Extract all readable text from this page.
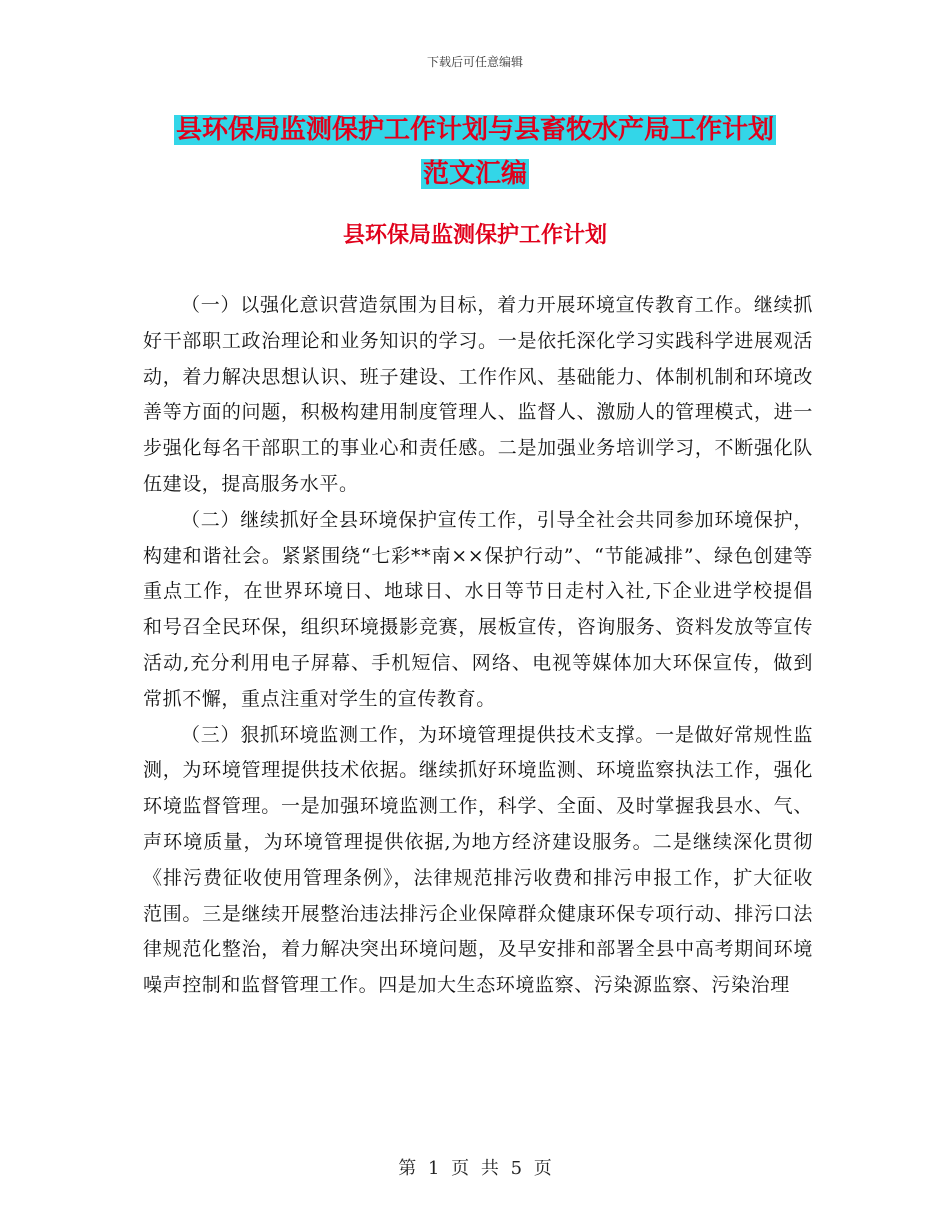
下载后可任意编辑
县环保局监测保护工作计划与县畜牧水产局工作计划
范文汇编
县环保局监测保护工作计划

（一）以强化意识营造氛围为目标，着力开展环境宣传教育工作。继续抓好干部职工政治理论和业务知识的学习。一是依托深化学习实践科学进展观活动，着力解决思想认识、班子建设、工作作风、基础能力、体制机制和环境改善等方面的问题，积极构建用制度管理人、监督人、激励人的管理模式，进一步强化每名干部职工的事业心和责任感。二是加强业务培训学习，不断强化队伍建设，提高服务水平。

（二）继续抓好全县环境保护宣传工作，引导全社会共同参加环境保护，构建和谐社会。紧紧围绕“七彩**南××保护行动”、“节能减排”、绿色创建等重点工作，在世界环境日、地球日、水日等节日走村入社,下企业进学校提倡和号召全民环保，组织环境摄影竞赛，展板宣传，咨询服务、资料发放等宣传活动,充分利用电子屏幕、手机短信、网络、电视等媒体加大环保宣传，做到常抓不懈，重点注重对学生的宣传教育。

（三）狠抓环境监测工作，为环境管理提供技术支撑。一是做好常规性监测，为环境管理提供技术依据。继续抓好环境监测、环境监察执法工作，强化环境监督管理。一是加强环境监测工作，科学、全面、及时掌握我县水、气、声环境质量，为环境管理提供依据,为地方经济建设服务。二是继续深化贯彻《排污费征收使用管理条例》，法律规范排污收费和排污申报工作，扩大征收范围。三是继续开展整治违法排污企业保障群众健康环保专项行动、排污口法律规范化整治，着力解决突出环境问题，及早安排和部署全县中高考期间环境噪声控制和监督管理工作。四是加大生态环境监察、污染源监察、污染治理

第 1 页 共 5 页
